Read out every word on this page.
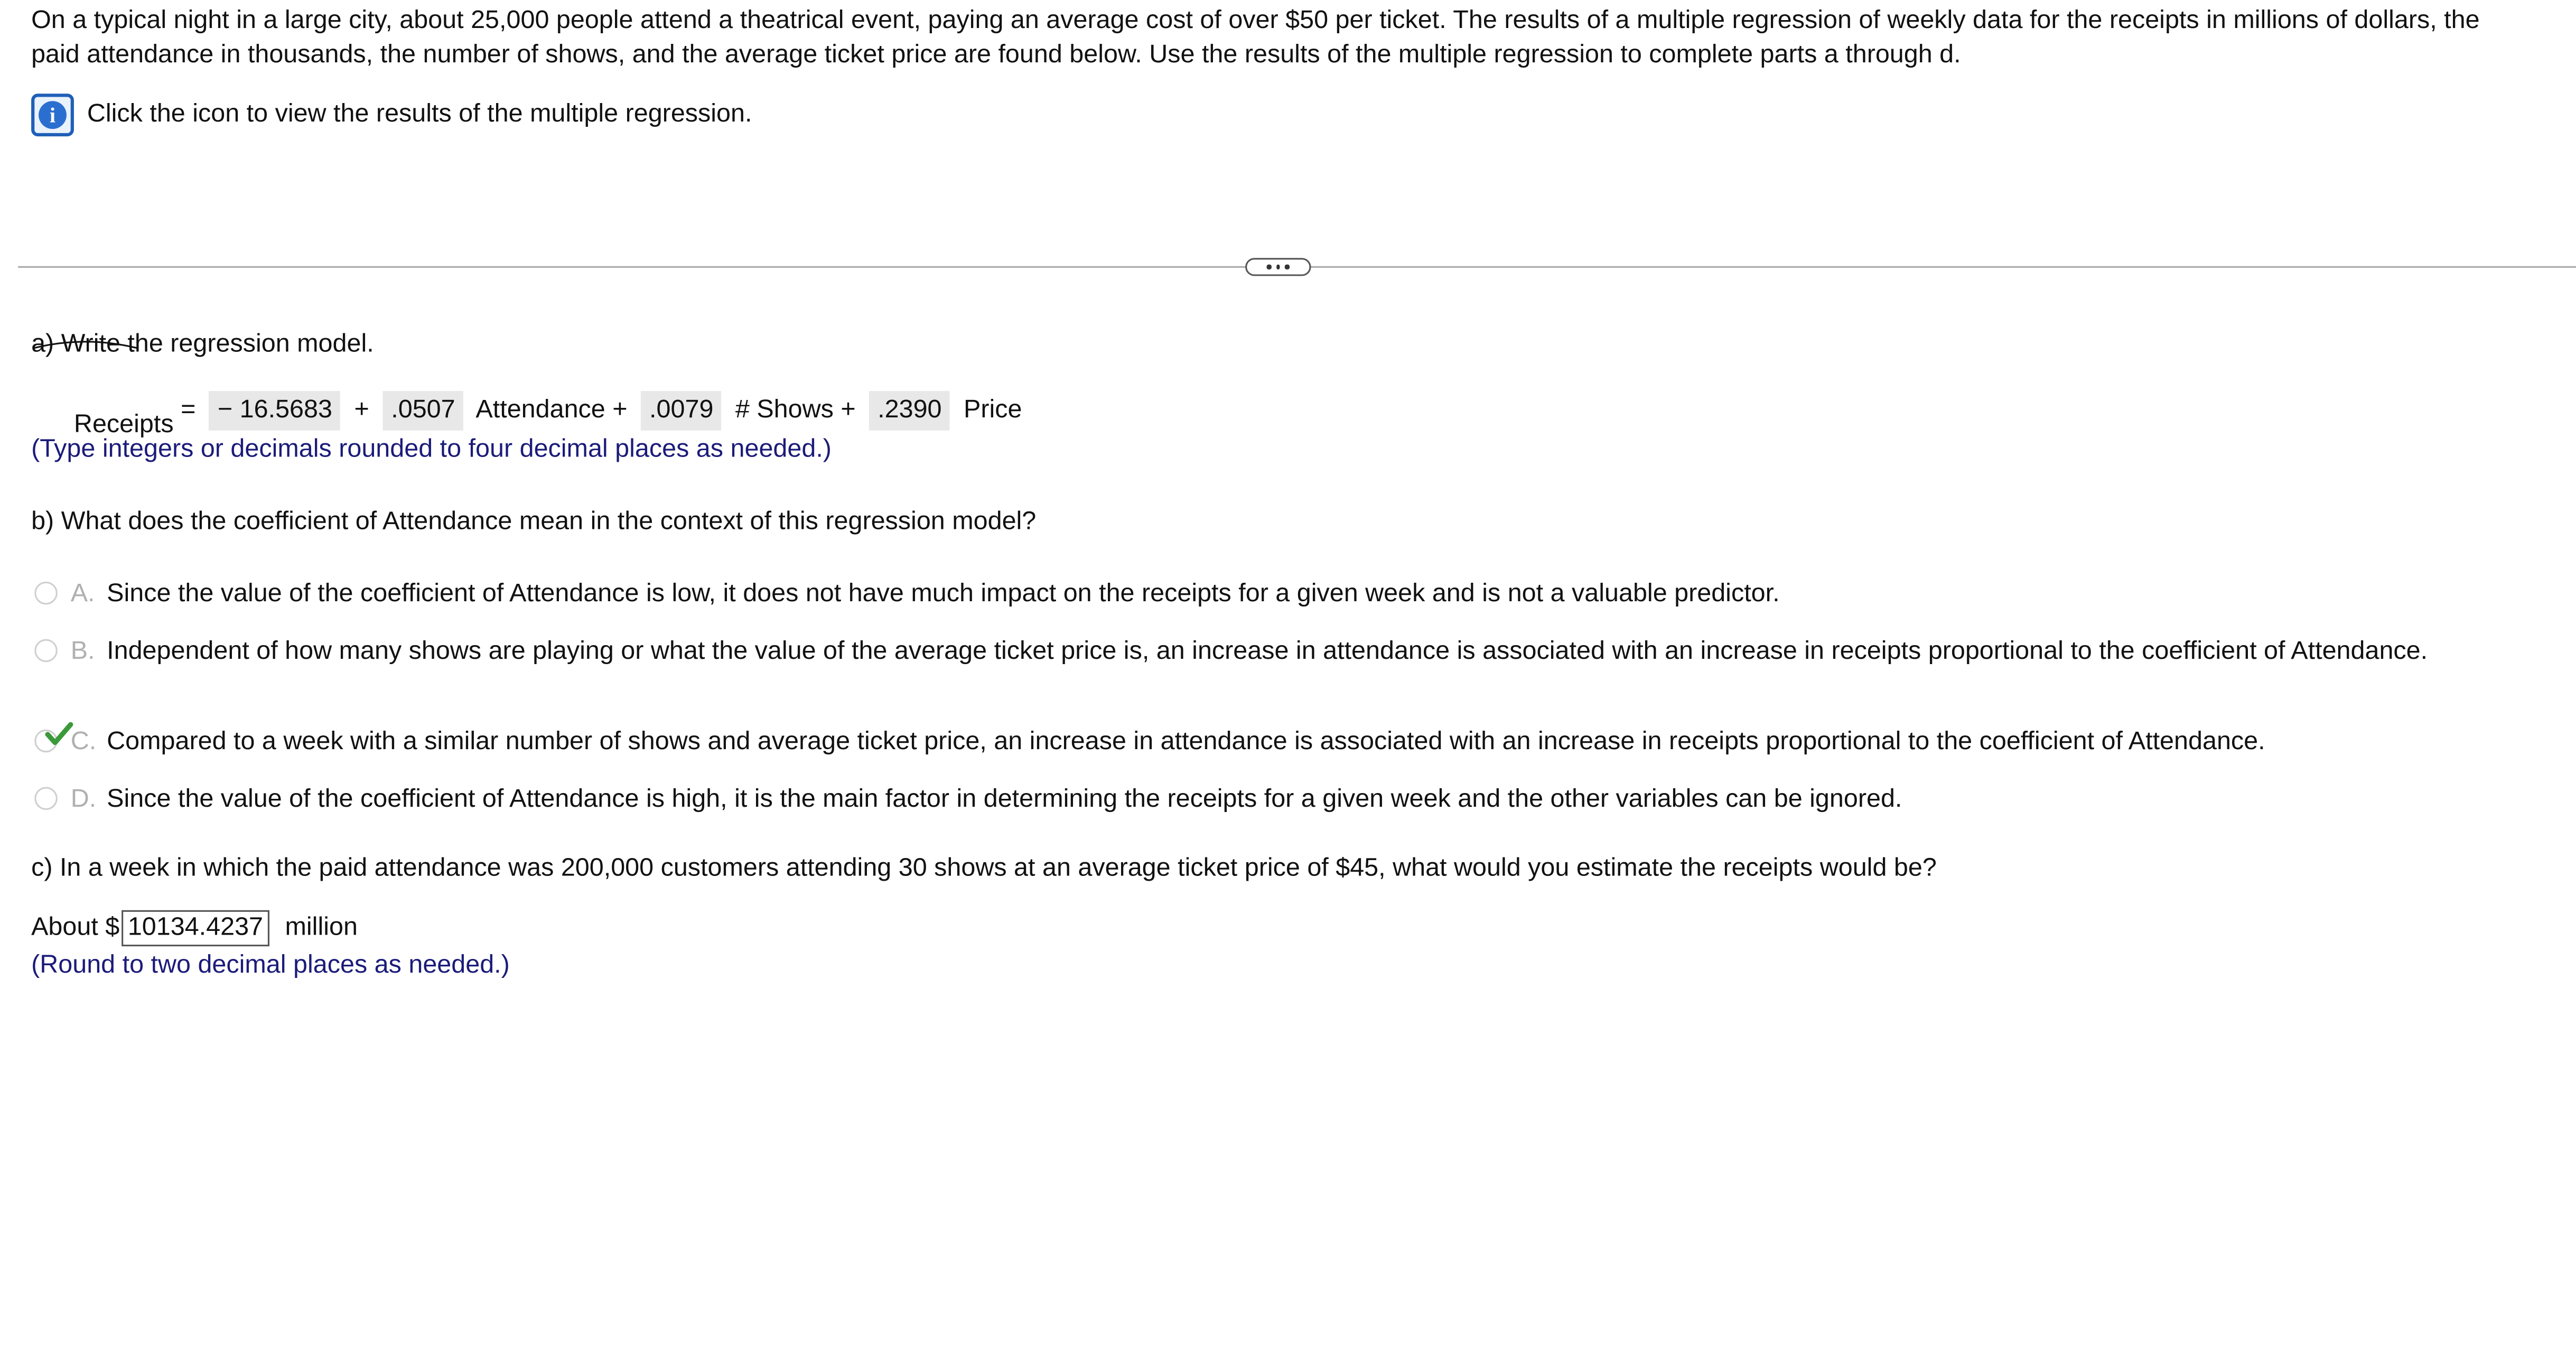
On a typical night in a large city, about 25,000 people attend a theatrical event, paying an average cost of over $50 per ticket. The results of a multiple regression of weekly data for the receipts in millions of dollars, the paid attendance in thousands, the number of shows, and the average ticket price are found below. Use the results of the multiple regression to complete parts a through d.
i	Click the icon to view the results of the multiple regression.
a) Write the regression model.

Receipts

=	− 16.5683	+	.0507	Attendance +	.0079	# Shows +	.2390	Price
(Type integers or decimals rounded to four decimal places as needed.)
b) What does the coefficient of Attendance mean in the context of this regression model?
A.	Since the value of the coefficient of Attendance is low, it does not have much impact on the receipts for a given week and is not a valuable predictor.
B.	Independent of how many shows are playing or what the value of the average ticket price is, an increase in attendance is associated with an increase in receipts proportional to the coefficient of Attendance.
C.	Compared to a week with a similar number of shows and average ticket price, an increase in attendance is associated with an increase in receipts proportional to the coefficient of Attendance.
D.	Since the value of the coefficient of Attendance is high, it is the main factor in determining the receipts for a given week and the other variables can be ignored.
c) In a week in which the paid attendance was 200,000 customers attending 30 shows at an average ticket price of $45, what would you estimate the receipts would be?
About $ 10134.4237	million
(Round to two decimal places as needed.)
